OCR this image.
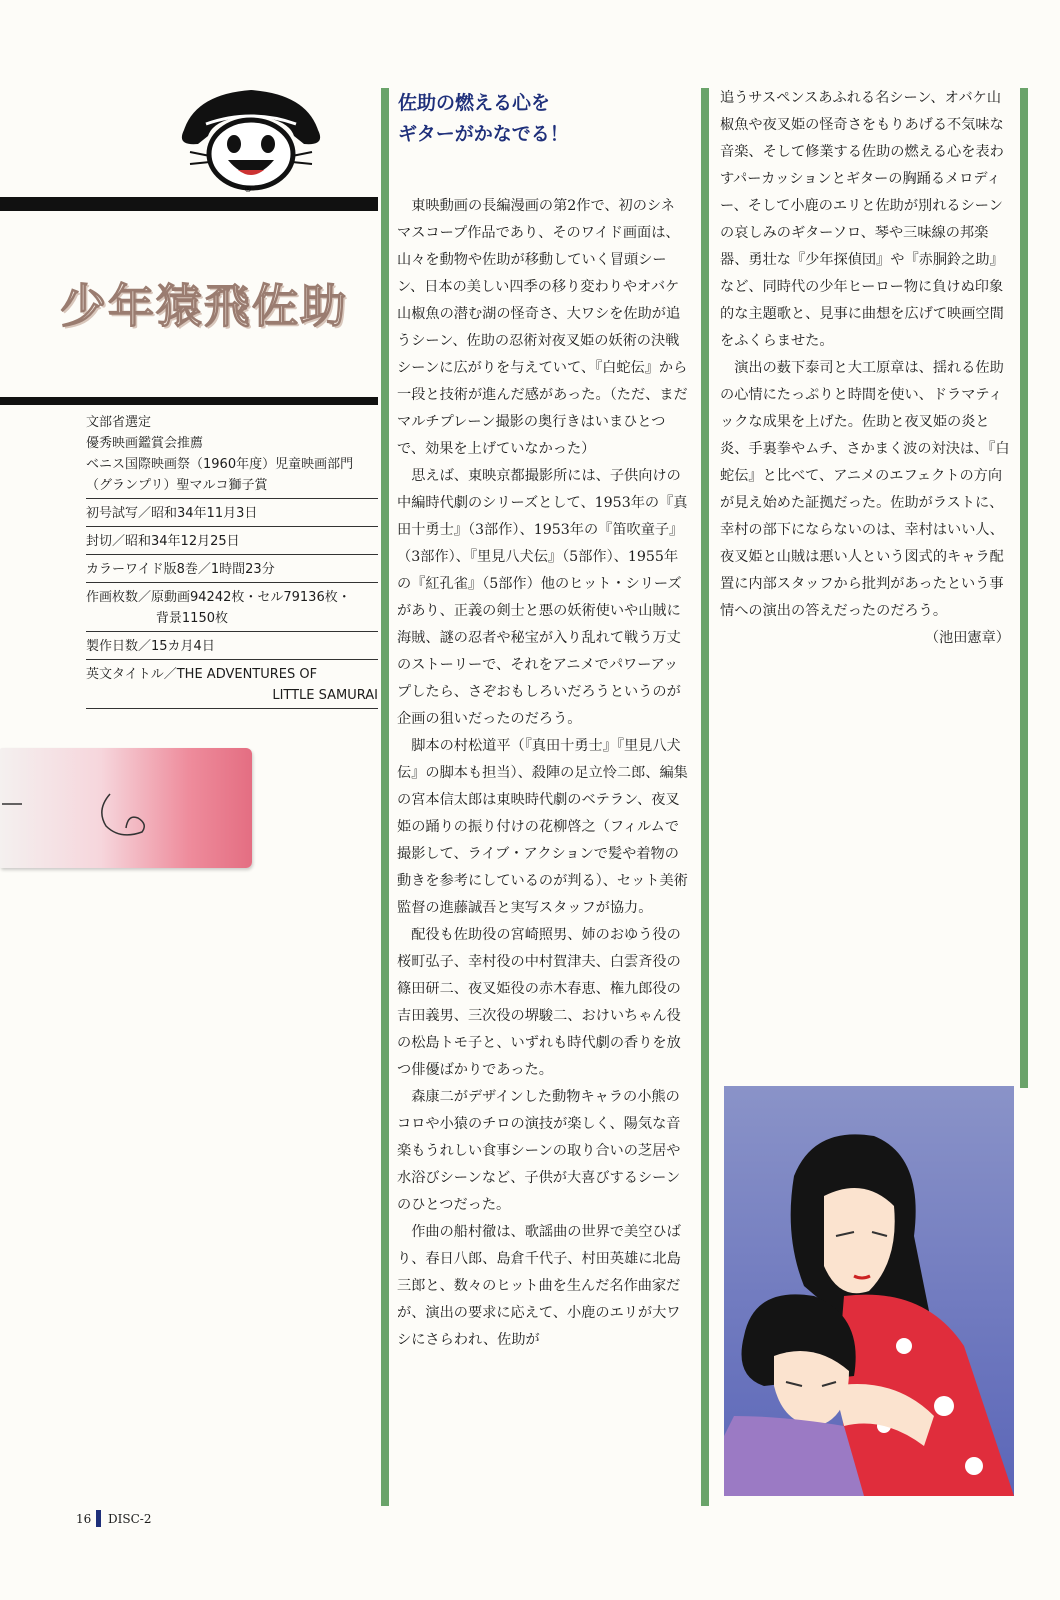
®
少年猿飛佐助
文部省選定
優秀映画鑑賞会推薦
ベニス国際映画祭（1960年度）児童映画部門
（グランプリ）聖マルコ獅子賞
初号試写／昭和34年11月3日
封切／昭和34年12月25日
カラーワイド版8巻／1時間23分
作画枚数／原動画94242枚・セル79136枚・
背景1150枚
製作日数／15カ月4日
英文タイトル／THE ADVENTURES OF
LITTLE SAMURAI
佐助の燃える心を
ギターがかなでる！

　東映動画の長編漫画の第2作で、初のシネマスコープ作品であり、そのワイド画面は、山々を動物や佐助が移動していく冒頭シーン、日本の美しい四季の移り変わりやオバケ山椒魚の潜む湖の怪奇さ、大ワシを佐助が追うシーン、佐助の忍術対夜叉姫の妖術の決戦シーンに広がりを与えていて、『白蛇伝』から一段と技術が進んだ感があった。（ただ、まだマルチプレーン撮影の奥行きはいまひとつで、効果を上げていなかった）

　思えば、東映京都撮影所には、子供向けの中編時代劇のシリーズとして、1953年の『真田十勇士』（3部作）、1953年の『笛吹童子』（3部作）、『里見八犬伝』（5部作）、1955年の『紅孔雀』（5部作）他のヒット・シリーズがあり、正義の剣士と悪の妖術使いや山賊に海賊、謎の忍者や秘宝が入り乱れて戦う万丈のストーリーで、それをアニメでパワーアップしたら、さぞおもしろいだろうというのが企画の狙いだったのだろう。

　脚本の村松道平（『真田十勇士』『里見八犬伝』の脚本も担当）、殺陣の足立怜二郎、編集の宮本信太郎は東映時代劇のベテラン、夜叉姫の踊りの振り付けの花柳啓之（フィルムで撮影して、ライブ・アクションで髪や着物の動きを参考にしているのが判る）、セット美術監督の進藤誠吾と実写スタッフが協力。

　配役も佐助役の宮崎照男、姉のおゆう役の桜町弘子、幸村役の中村賀津夫、白雲斉役の篠田研二、夜叉姫役の赤木春恵、権九郎役の吉田義男、三次役の堺駿二、おけいちゃん役の松島トモ子と、いずれも時代劇の香りを放つ俳優ばかりであった。

　森康二がデザインした動物キャラの小熊のコロや小猿のチロの演技が楽しく、陽気な音楽もうれしい食事シーンの取り合いの芝居や水浴びシーンなど、子供が大喜びするシーンのひとつだった。

　作曲の船村徹は、歌謡曲の世界で美空ひばり、春日八郎、島倉千代子、村田英雄に北島三郎と、数々のヒット曲を生んだ名作曲家だが、演出の要求に応えて、小鹿のエリが大ワシにさらわれ、佐助が

追うサスペンスあふれる名シーン、オバケ山椒魚や夜叉姫の怪奇さをもりあげる不気味な音楽、そして修業する佐助の燃える心を表わすパーカッションとギターの胸踊るメロディー、そして小鹿のエリと佐助が別れるシーンの哀しみのギターソロ、琴や三味線の邦楽器、勇壮な『少年探偵団』や『赤胴鈴之助』など、同時代の少年ヒーロー物に負けぬ印象的な主題歌と、見事に曲想を広げて映画空間をふくらませた。

　演出の薮下泰司と大工原章は、揺れる佐助の心情にたっぷりと時間を使い、ドラマティックな成果を上げた。佐助と夜叉姫の炎と炎、手裏拳やムチ、さかまく波の対決は、『白蛇伝』と比べて、アニメのエフェクトの方向が見え始めた証拠だった。佐助がラストに、幸村の部下にならないのは、幸村はいい人、夜叉姫と山賊は悪い人という図式的キャラ配置に内部スタッフから批判があったという事情への演出の答えだったのだろう。

（池田憲章）

16 DISC-2
